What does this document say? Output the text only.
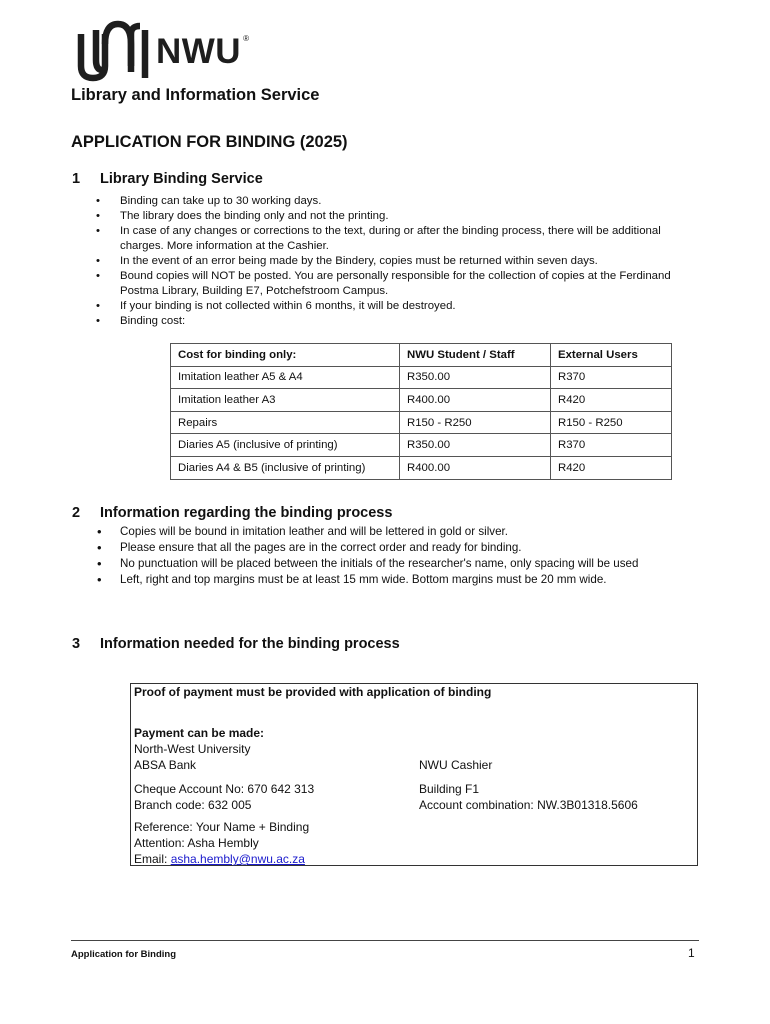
NWU ®
Library and Information Service
APPLICATION FOR BINDING (2025)
1 Library Binding Service
• Binding can take up to 30 working days.
• The library does the binding only and not the printing.
• In case of any changes or corrections to the text, during or after the binding process, there will be additional charges. More information at the Cashier.
• In the event of an error being made by the Bindery, copies must be returned within seven days.
• Bound copies will NOT be posted. You are personally responsible for the collection of copies at the Ferdinand Postma Library, Building E7, Potchefstroom Campus.
• If your binding is not collected within 6 months, it will be destroyed.
• Binding cost:
Cost for binding only:	NWU Student / Staff	External Users
Imitation leather A5 & A4	R350.00	R370
Imitation leather A3	R400.00	R420
Repairs	R150 - R250	R150 - R250
Diaries A5 (inclusive of printing)	R350.00	R370
Diaries A4 & B5 (inclusive of printing)	R400.00	R420
2 Information regarding the binding process
• Copies will be bound in imitation leather and will be lettered in gold or silver.
• Please ensure that all the pages are in the correct order and ready for binding.
• No punctuation will be placed between the initials of the researcher's name, only spacing will be used
• Left, right and top margins must be at least 15 mm wide. Bottom margins must be 20 mm wide.
3 Information needed for the binding process
Proof of payment must be provided with application of binding
Payment can be made:
North-West University
ABSA Bank	NWU Cashier
Cheque Account No: 670 642 313	Building F1
Branch code: 632 005	Account combination: NW.3B01318.5606
Reference: Your Name + Binding
Attention: Asha Hembly
Email: asha.hembly@nwu.ac.za
Application for Binding	1
